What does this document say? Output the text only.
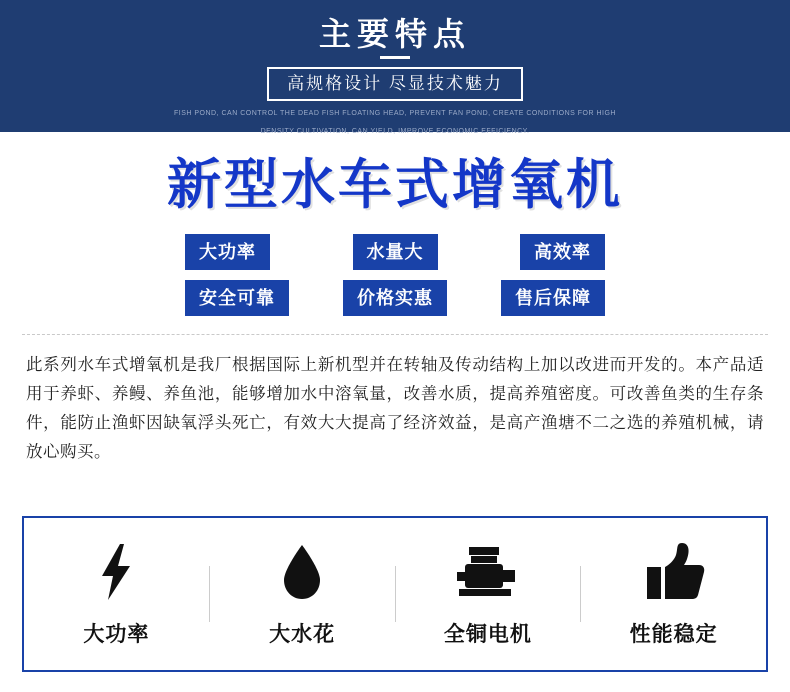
主要特点
高规格设计 尽显技术魅力
FISH POND, CAN CONTROL THE DEAD FISH FLOATING HEAD, PREVENT FAN POND, CREATE CONDITIONS FOR HIGH
DENSITY CULTIVATION, CAN YIELD, IMPROVE ECONOMIC EFFICIENCY.
新型水车式增氧机
大功率	水量大	高效率
安全可靠	价格实惠	售后保障
此系列水车式增氧机是我厂根据国际上新机型并在转轴及传动结构上加以改进而开发的。本产品适用于养虾、养鳗、养鱼池，能够增加水中溶氧量，改善水质，提高养殖密度。可改善鱼类的生存条件，能防止渔虾因缺氧浮头死亡，有效大大提高了经济效益，是高产渔塘不二之选的养殖机械，请放心购买。
大功率	大水花	全铜电机	性能稳定
